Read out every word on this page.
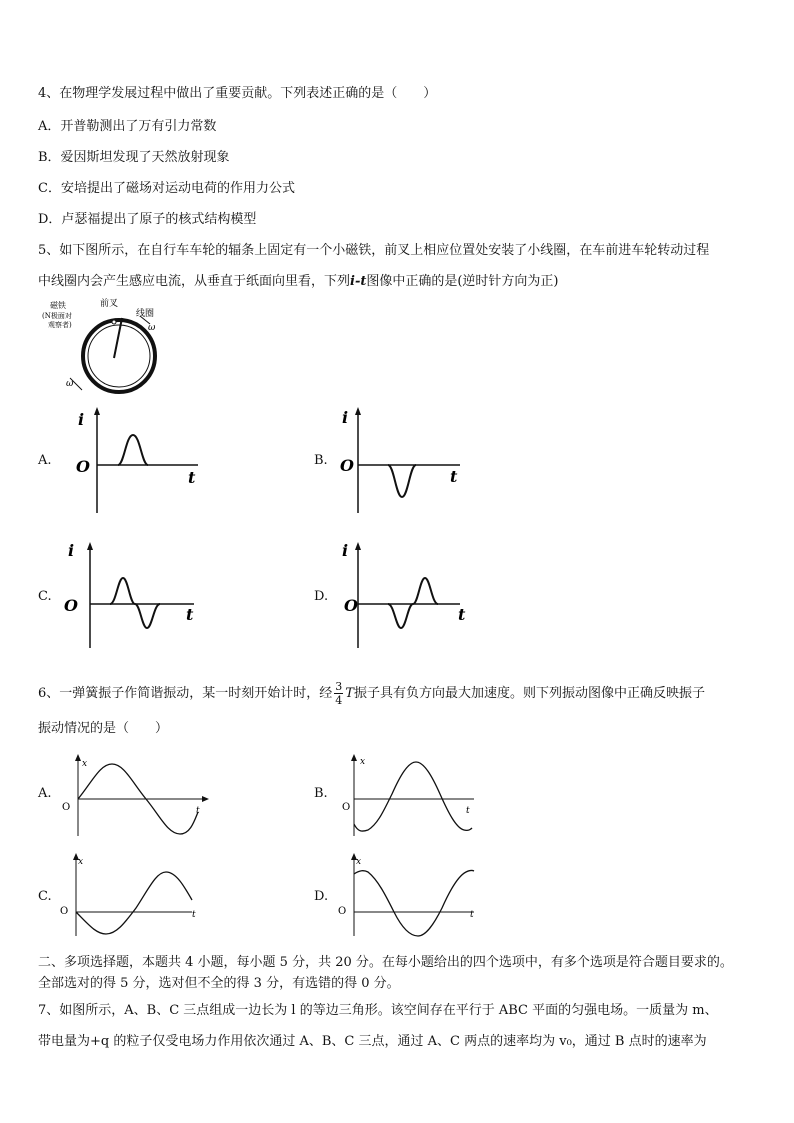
4、在物理学发展过程中做出了重要贡献。下列表述正确的是（　　）
A．开普勒测出了万有引力常数
B．爱因斯坦发现了天然放射现象
C．安培提出了磁场对运动电荷的作用力公式
D．卢瑟福提出了原子的核式结构模型
5、如下图所示，在自行车车轮的辐条上固定有一个小磁铁，前叉上相应位置处安装了小线圈，在车前进车轮转动过程
中线圈内会产生感应电流，从垂直于纸面向里看，下列i-t图像中正确的是(逆时针方向为正)
磁铁
(N极面对
观察者)
前叉
线圈
ω
ω
A.	B.
C.	D.
i
O
t
i
O
t
i
O	t
i
O	t
6、一弹簧振子作简谐振动，某一时刻开始计时，经 $\frac{3}{4}$ T振子具有负方向最大加速度。则下列振动图像中正确反映振子
振动情况的是（　　）
A.	B.
C.	D.
x
O	t
x
O	t
x
O	t
x
O	t
二、多项选择题，本题共 4 小题，每小题 5 分，共 20 分。在每小题给出的四个选项中，有多个选项是符合题目要求的。
全部选对的得 5 分，选对但不全的得 3 分，有选错的得 0 分。
7、如图所示，A、B、C 三点组成一边长为 l 的等边三角形。该空间存在平行于 ABC 平面的匀强电场。一质量为 m、
带电量为+q 的粒子仅受电场力作用依次通过 A、B、C 三点，通过 A、C 两点的速率均为 v₀，通过 B 点时的速率为
